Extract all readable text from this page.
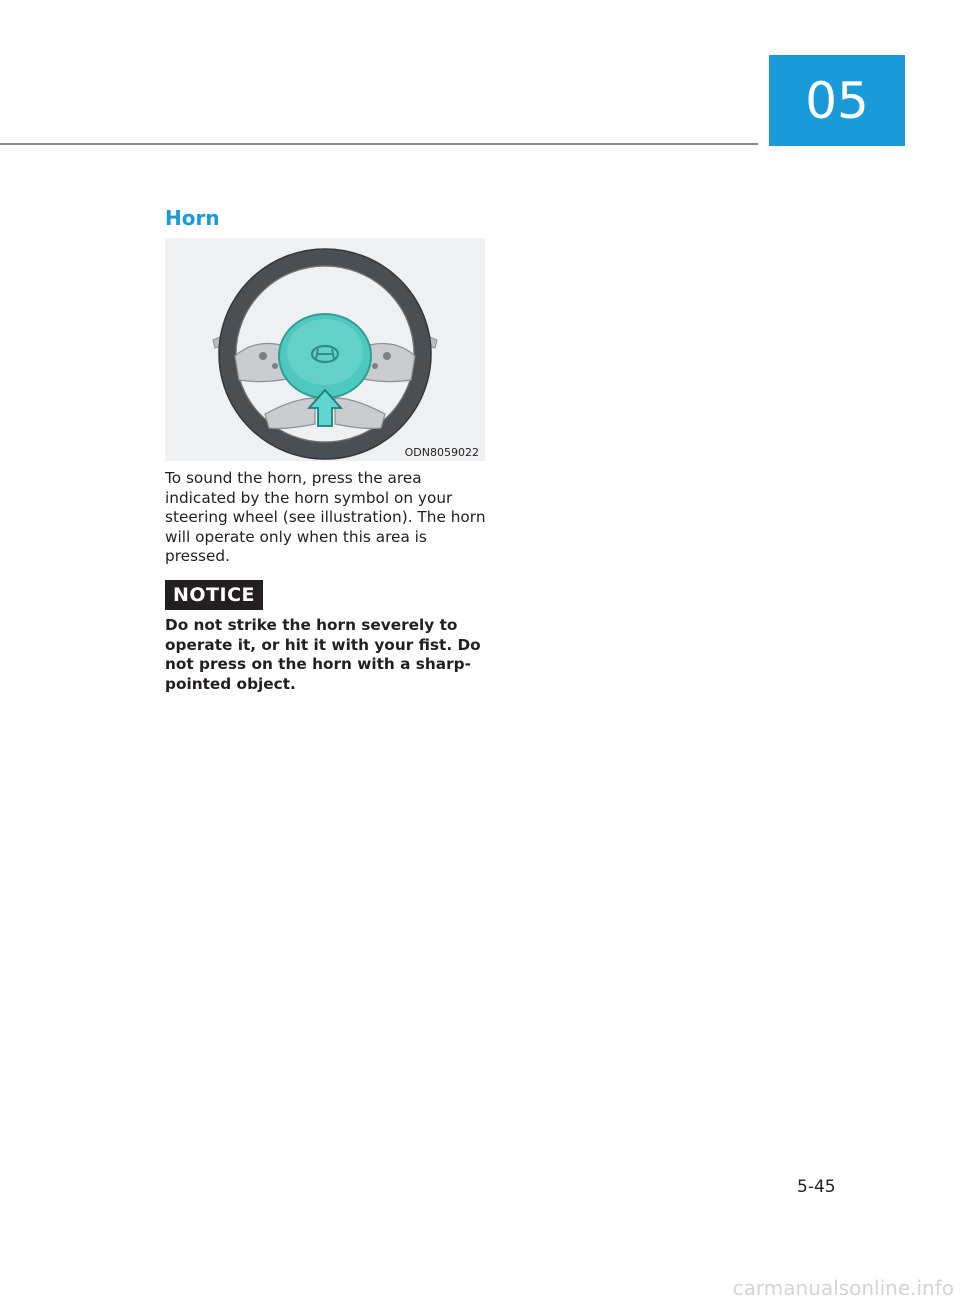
05
Horn
ODN8059022

To sound the horn, press the area indicated by the horn symbol on your steering wheel (see illustration). The horn will operate only when this area is pressed.

NOTICE

Do not strike the horn severely to operate it, or hit it with your fist. Do not press on the horn with a sharp-pointed object.

5-45
carmanualsonline.info
